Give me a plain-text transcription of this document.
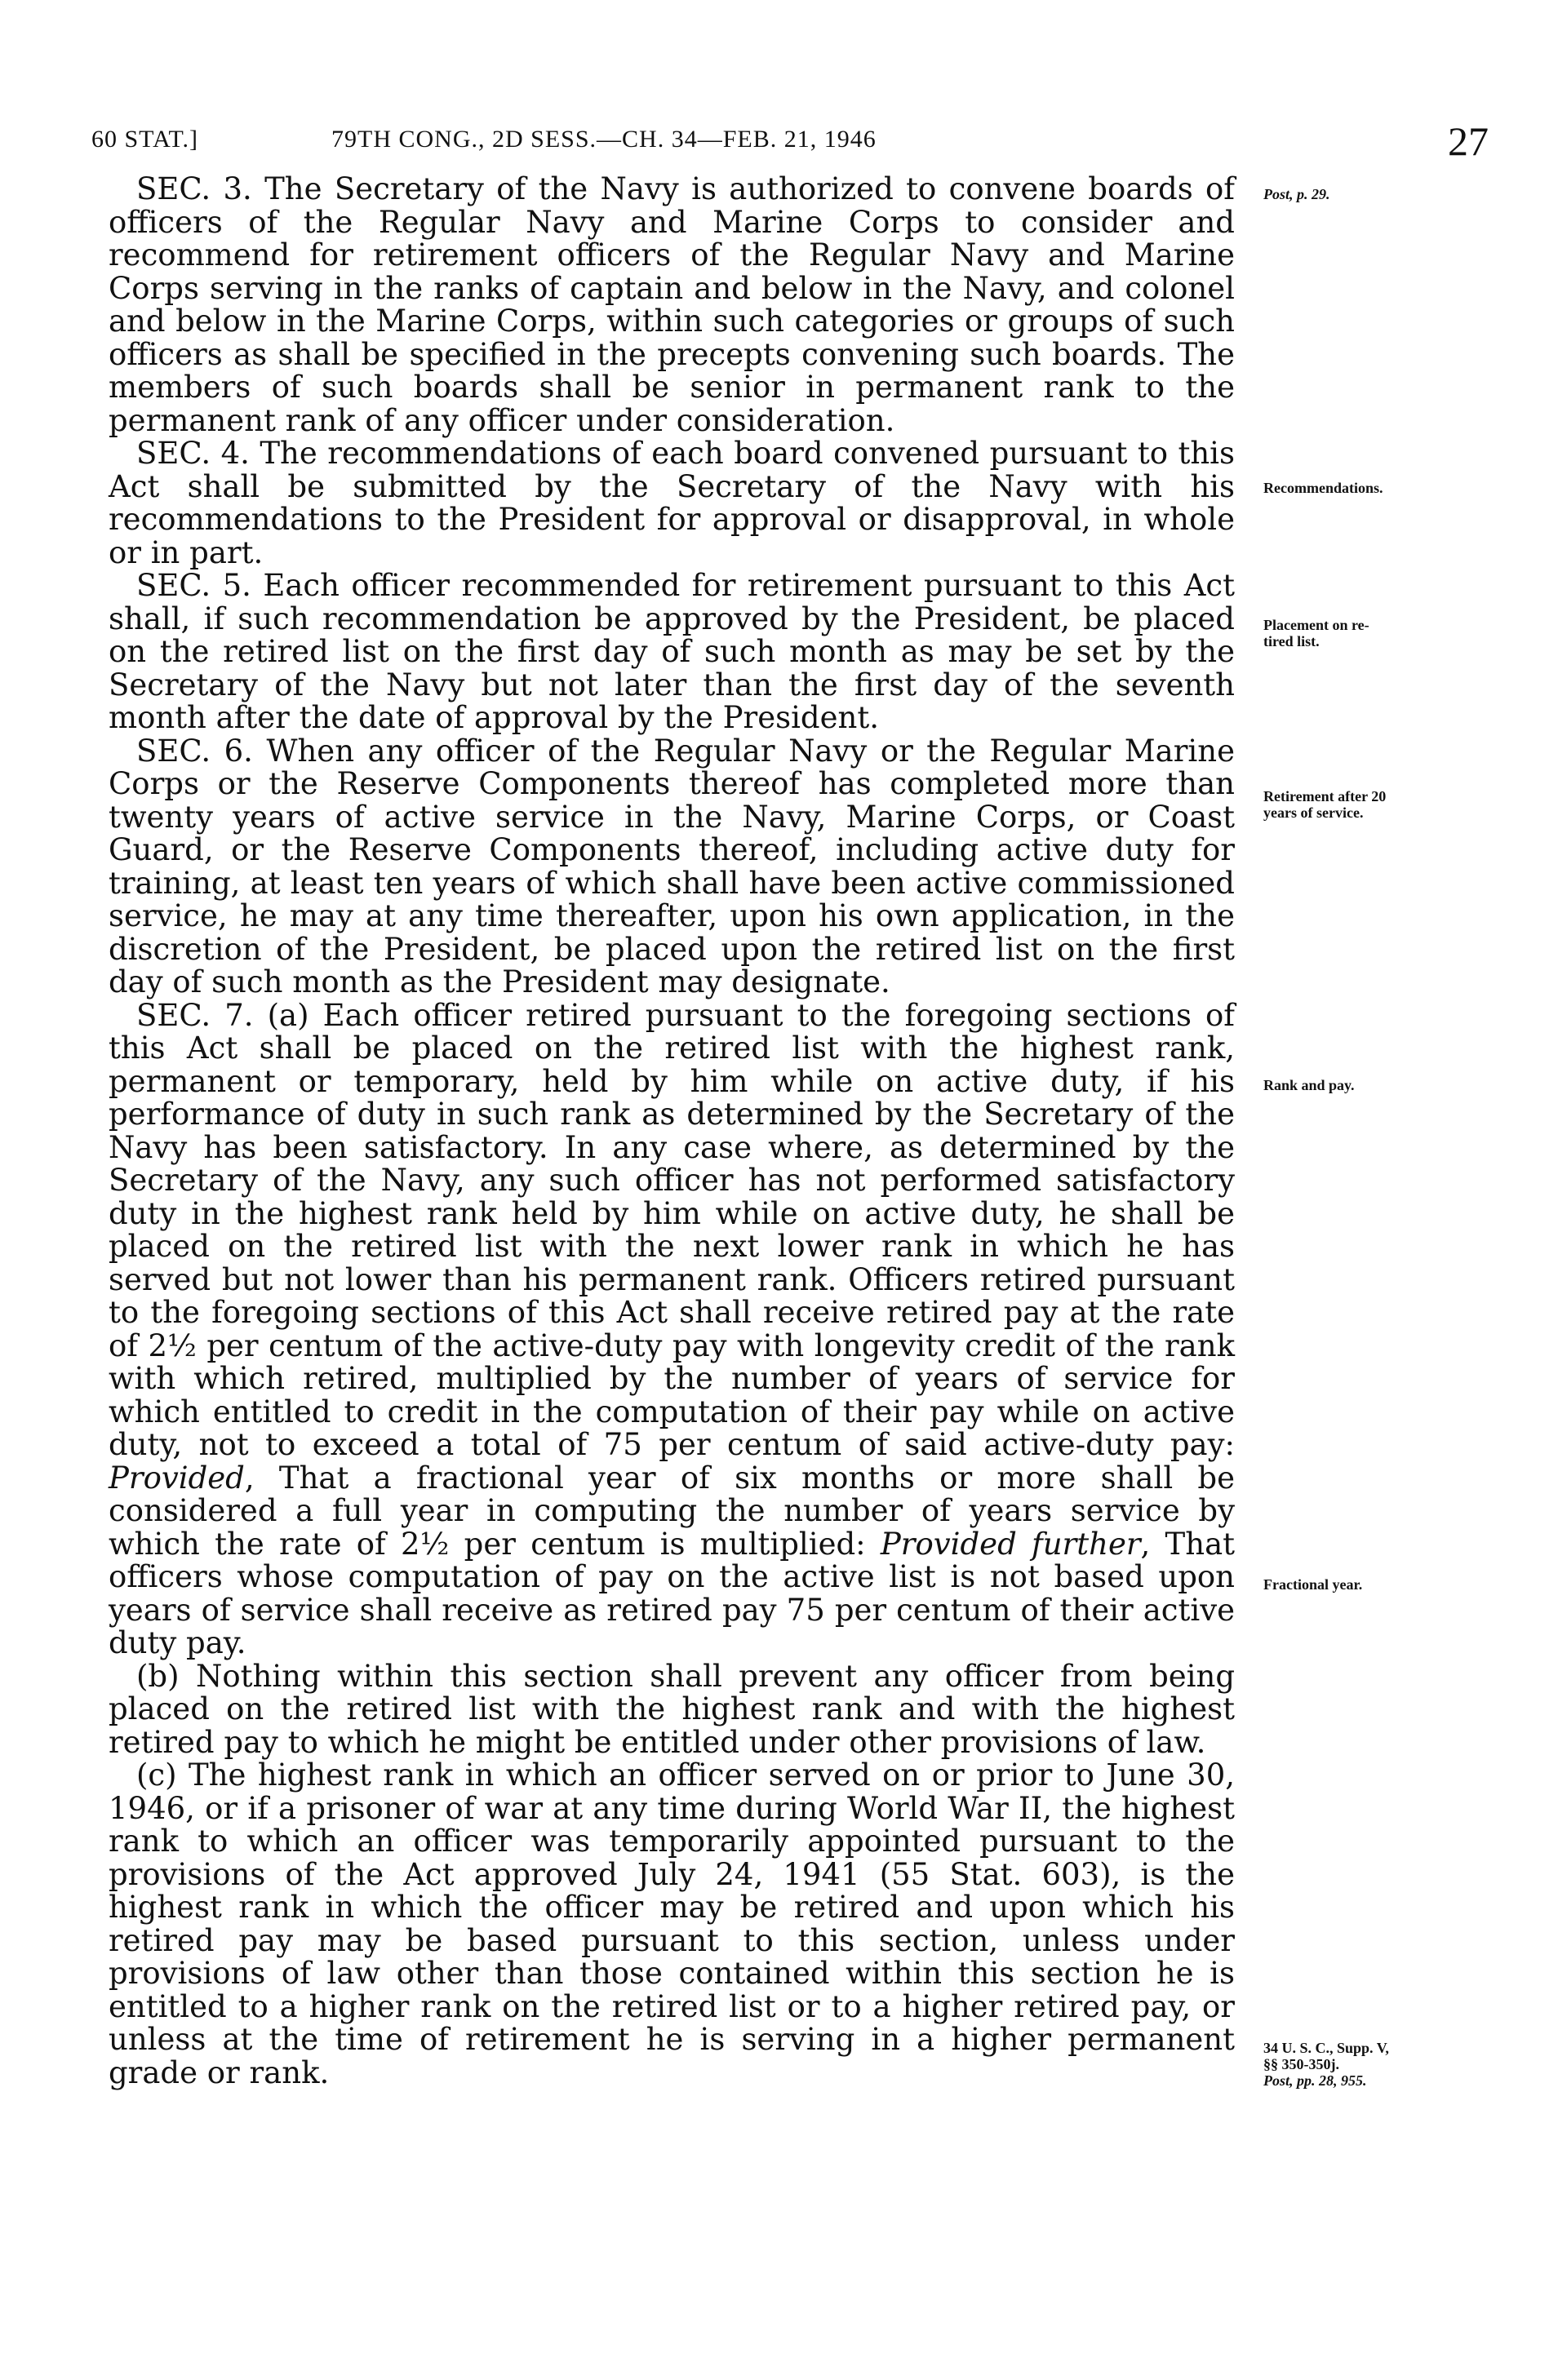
60 STAT.]	79TH CONG., 2D SESS.—CH. 34—FEB. 21, 1946	27

SEC. 3. The Secretary of the Navy is authorized to convene boards of officers of the Regular Navy and Marine Corps to consider and recommend for retirement officers of the Regular Navy and Marine Corps serving in the ranks of captain and below in the Navy, and colonel and below in the Marine Corps, within such categories or groups of such officers as shall be specified in the precepts convening such boards. The members of such boards shall be senior in permanent rank to the permanent rank of any officer under consideration.

SEC. 4. The recommendations of each board convened pursuant to this Act shall be submitted by the Secretary of the Navy with his recommendations to the President for approval or disapproval, in whole or in part.

SEC. 5. Each officer recommended for retirement pursuant to this Act shall, if such recommendation be approved by the President, be placed on the retired list on the first day of such month as may be set by the Secretary of the Navy but not later than the first day of the seventh month after the date of approval by the President.

SEC. 6. When any officer of the Regular Navy or the Regular Marine Corps or the Reserve Components thereof has completed more than twenty years of active service in the Navy, Marine Corps, or Coast Guard, or the Reserve Components thereof, including active duty for training, at least ten years of which shall have been active commissioned service, he may at any time thereafter, upon his own application, in the discretion of the President, be placed upon the retired list on the first day of such month as the President may designate.

SEC. 7. (a) Each officer retired pursuant to the foregoing sections of this Act shall be placed on the retired list with the highest rank, permanent or temporary, held by him while on active duty, if his performance of duty in such rank as determined by the Secretary of the Navy has been satisfactory. In any case where, as determined by the Secretary of the Navy, any such officer has not performed satisfactory duty in the highest rank held by him while on active duty, he shall be placed on the retired list with the next lower rank in which he has served but not lower than his permanent rank. Officers retired pursuant to the foregoing sections of this Act shall receive retired pay at the rate of 2½ per centum of the active-duty pay with longevity credit of the rank with which retired, multiplied by the number of years of service for which entitled to credit in the computation of their pay while on active duty, not to exceed a total of 75 per centum of said active-duty pay: Provided, That a fractional year of six months or more shall be considered a full year in computing the number of years service by which the rate of 2½ per centum is multiplied: Provided further, That officers whose computation of pay on the active list is not based upon years of service shall receive as retired pay 75 per centum of their active duty pay.

(b) Nothing within this section shall prevent any officer from being placed on the retired list with the highest rank and with the highest retired pay to which he might be entitled under other provisions of law.

(c) The highest rank in which an officer served on or prior to June 30, 1946, or if a prisoner of war at any time during World War II, the highest rank to which an officer was temporarily appointed pursuant to the provisions of the Act approved July 24, 1941 (55 Stat. 603), is the highest rank in which the officer may be retired and upon which his retired pay may be based pursuant to this section, unless under provisions of law other than those contained within this section he is entitled to a higher rank on the retired list or to a higher retired pay, or unless at the time of retirement he is serving in a higher permanent grade or rank.

Post, p. 29.
Recommendations.
Placement on re-
tired list.
Retirement after 20
years of service.
Rank and pay.
Fractional year.
34 U. S. C., Supp. V,
§§ 350-350j.
Post, pp. 28, 955.
